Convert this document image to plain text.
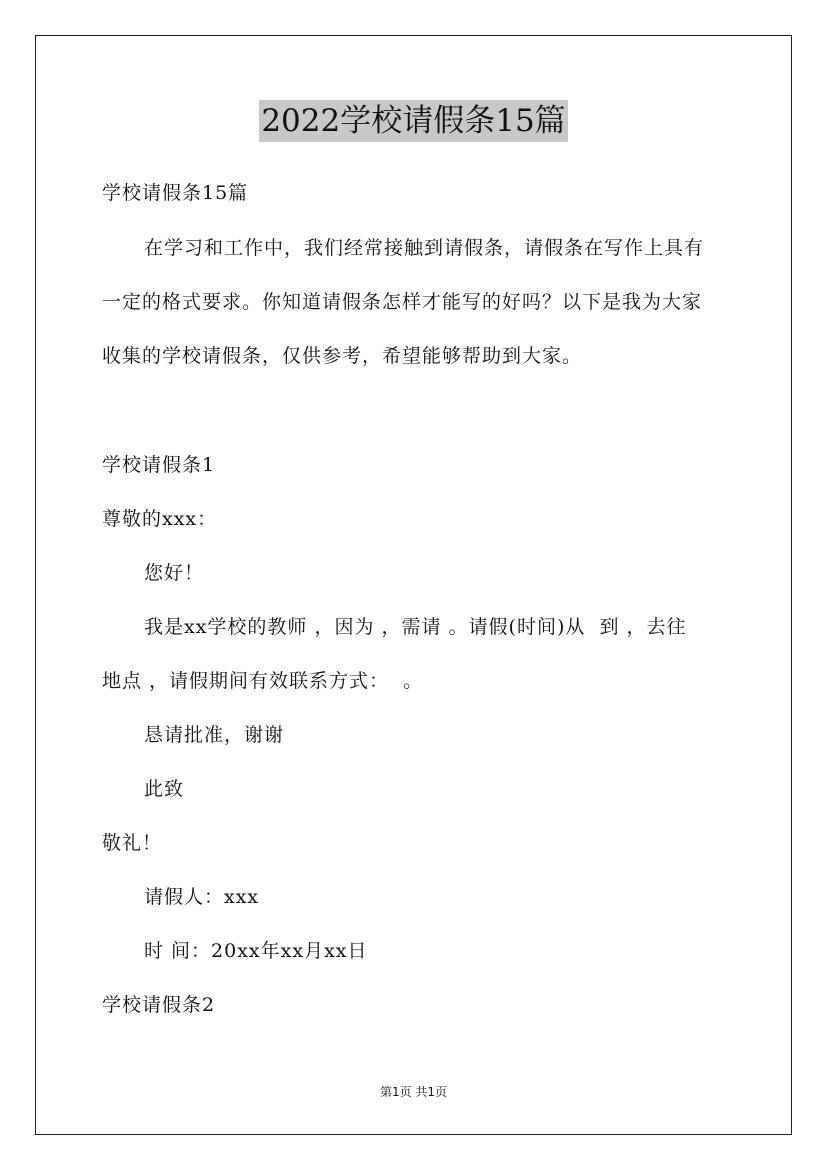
2022学校请假条15篇
学校请假条15篇
在学习和工作中，我们经常接触到请假条，请假条在写作上具有
一定的格式要求。你知道请假条怎样才能写的好吗？以下是我为大家
收集的学校请假条，仅供参考，希望能够帮助到大家。
学校请假条1
尊敬的xxx：
您好！
我是xx学校的教师 ，因为 ，需请 。请假(时间)从  到 ，去往
地点 ，请假期间有效联系方式：  。
恳请批准，谢谢
此致
敬礼！
请假人：xxx
时 间：20xx年xx月xx日
学校请假条2
第1页 共1页
